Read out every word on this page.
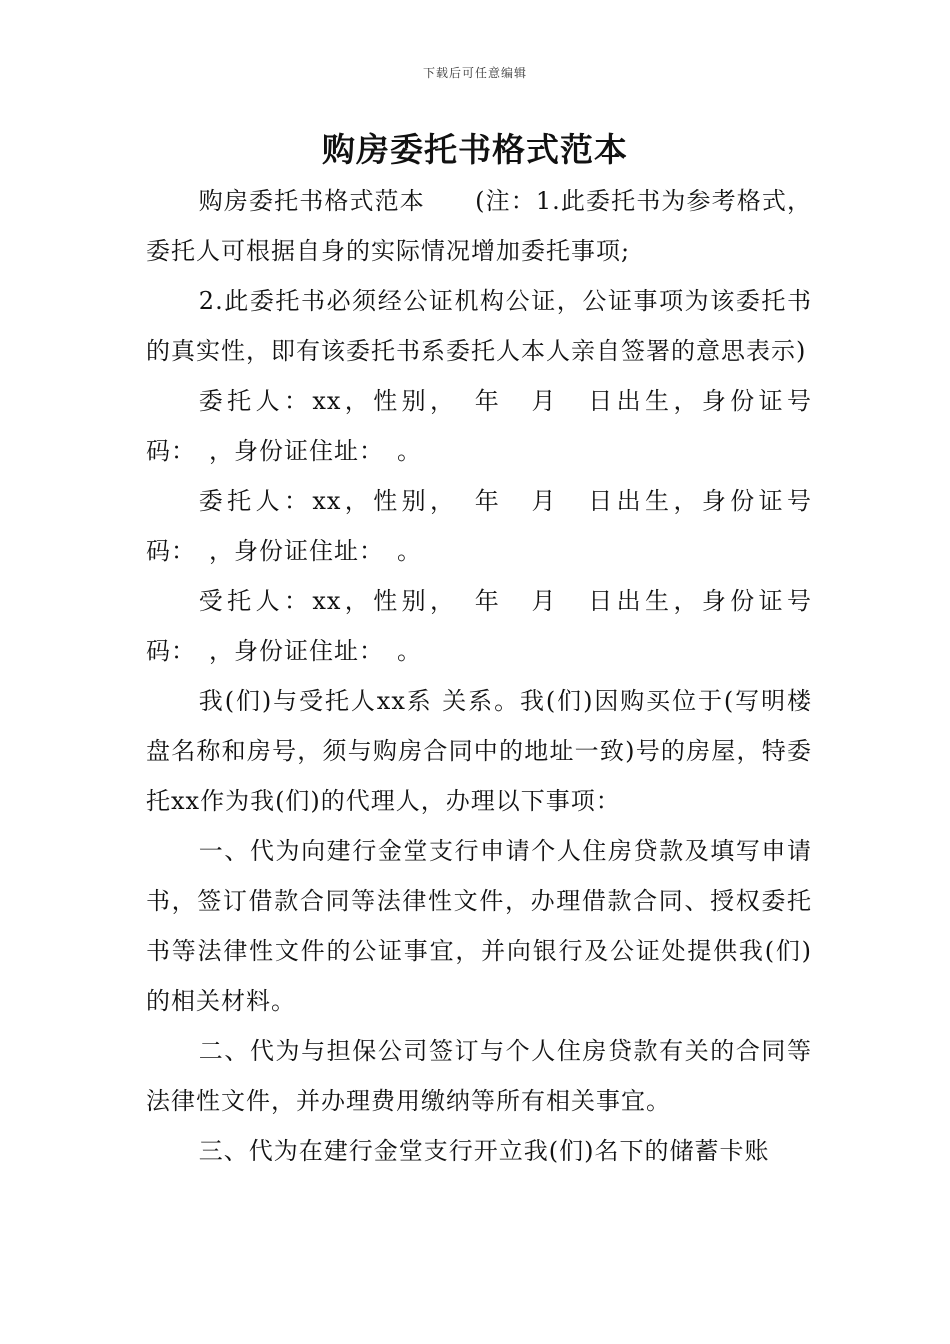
下载后可任意编辑
购房委托书格式范本

购房委托书格式范本　　(注：1.此委托书为参考格式，委托人可根据自身的实际情况增加委托事项;

2.此委托书必须经公证机构公证，公证事项为该委托书的真实性，即有该委托书系委托人本人亲自签署的意思表示)

委托人：xx，性别，　年　月　日出生，身份证号码：　，身份证住址：　。

委托人：xx，性别，　年　月　日出生，身份证号码：　，身份证住址：　。

受托人：xx，性别，　年　月　日出生，身份证号码：　，身份证住址：　。

我(们)与受托人xx系 关系。我(们)因购买位于(写明楼盘名称和房号，须与购房合同中的地址一致)号的房屋，特委托xx作为我(们)的代理人，办理以下事项：

一、代为向建行金堂支行申请个人住房贷款及填写申请书，签订借款合同等法律性文件，办理借款合同、授权委托书等法律性文件的公证事宜，并向银行及公证处提供我(们)的相关材料。

二、代为与担保公司签订与个人住房贷款有关的合同等法律性文件，并办理费用缴纳等所有相关事宜。

三、代为在建行金堂支行开立我(们)名下的储蓄卡账
